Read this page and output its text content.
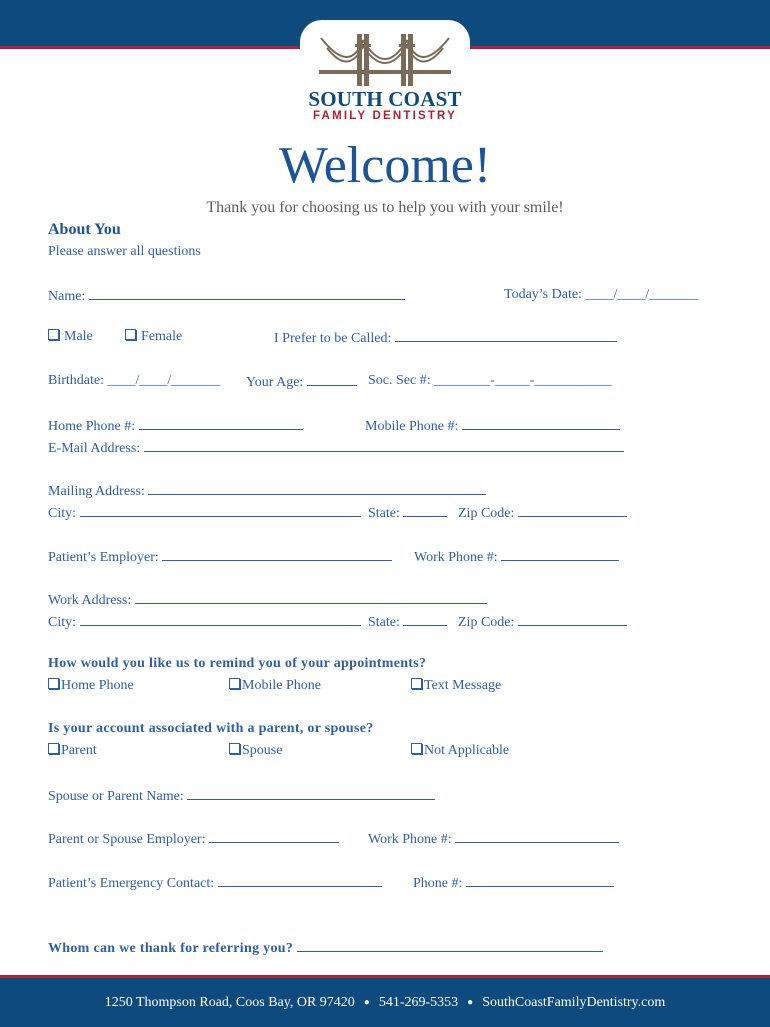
SOUTH COAST
FAMILY DENTISTRY
Welcome!
Thank you for choosing us to help you with your smile!
About You
Please answer all questions
Name:	Today’s Date: ____/____/_______
Male	Female	I Prefer to be Called:
Birthdate: ____/____/_______ Your Age:	Soc. Sec #: ________-_____-___________
Home Phone #:	Mobile Phone #:
E-Mail Address:
Mailing Address:
City:	State:	Zip Code:
Patient’s Employer:	Work Phone #:
Work Address:
City:	State:	Zip Code:
How would you like us to remind you of your appointments?
Home Phone	Mobile Phone	Text Message
Is your account associated with a parent, or spouse?
Parent	Spouse	Not Applicable
Spouse or Parent Name:
Parent or Spouse Employer:	Work Phone #:
Patient’s Emergency Contact:	Phone #:
Whom can we thank for referring you?
1250 Thompson Road, Coos Bay, OR 97420 ● 541-269-5353 ● SouthCoastFamilyDentistry.com
